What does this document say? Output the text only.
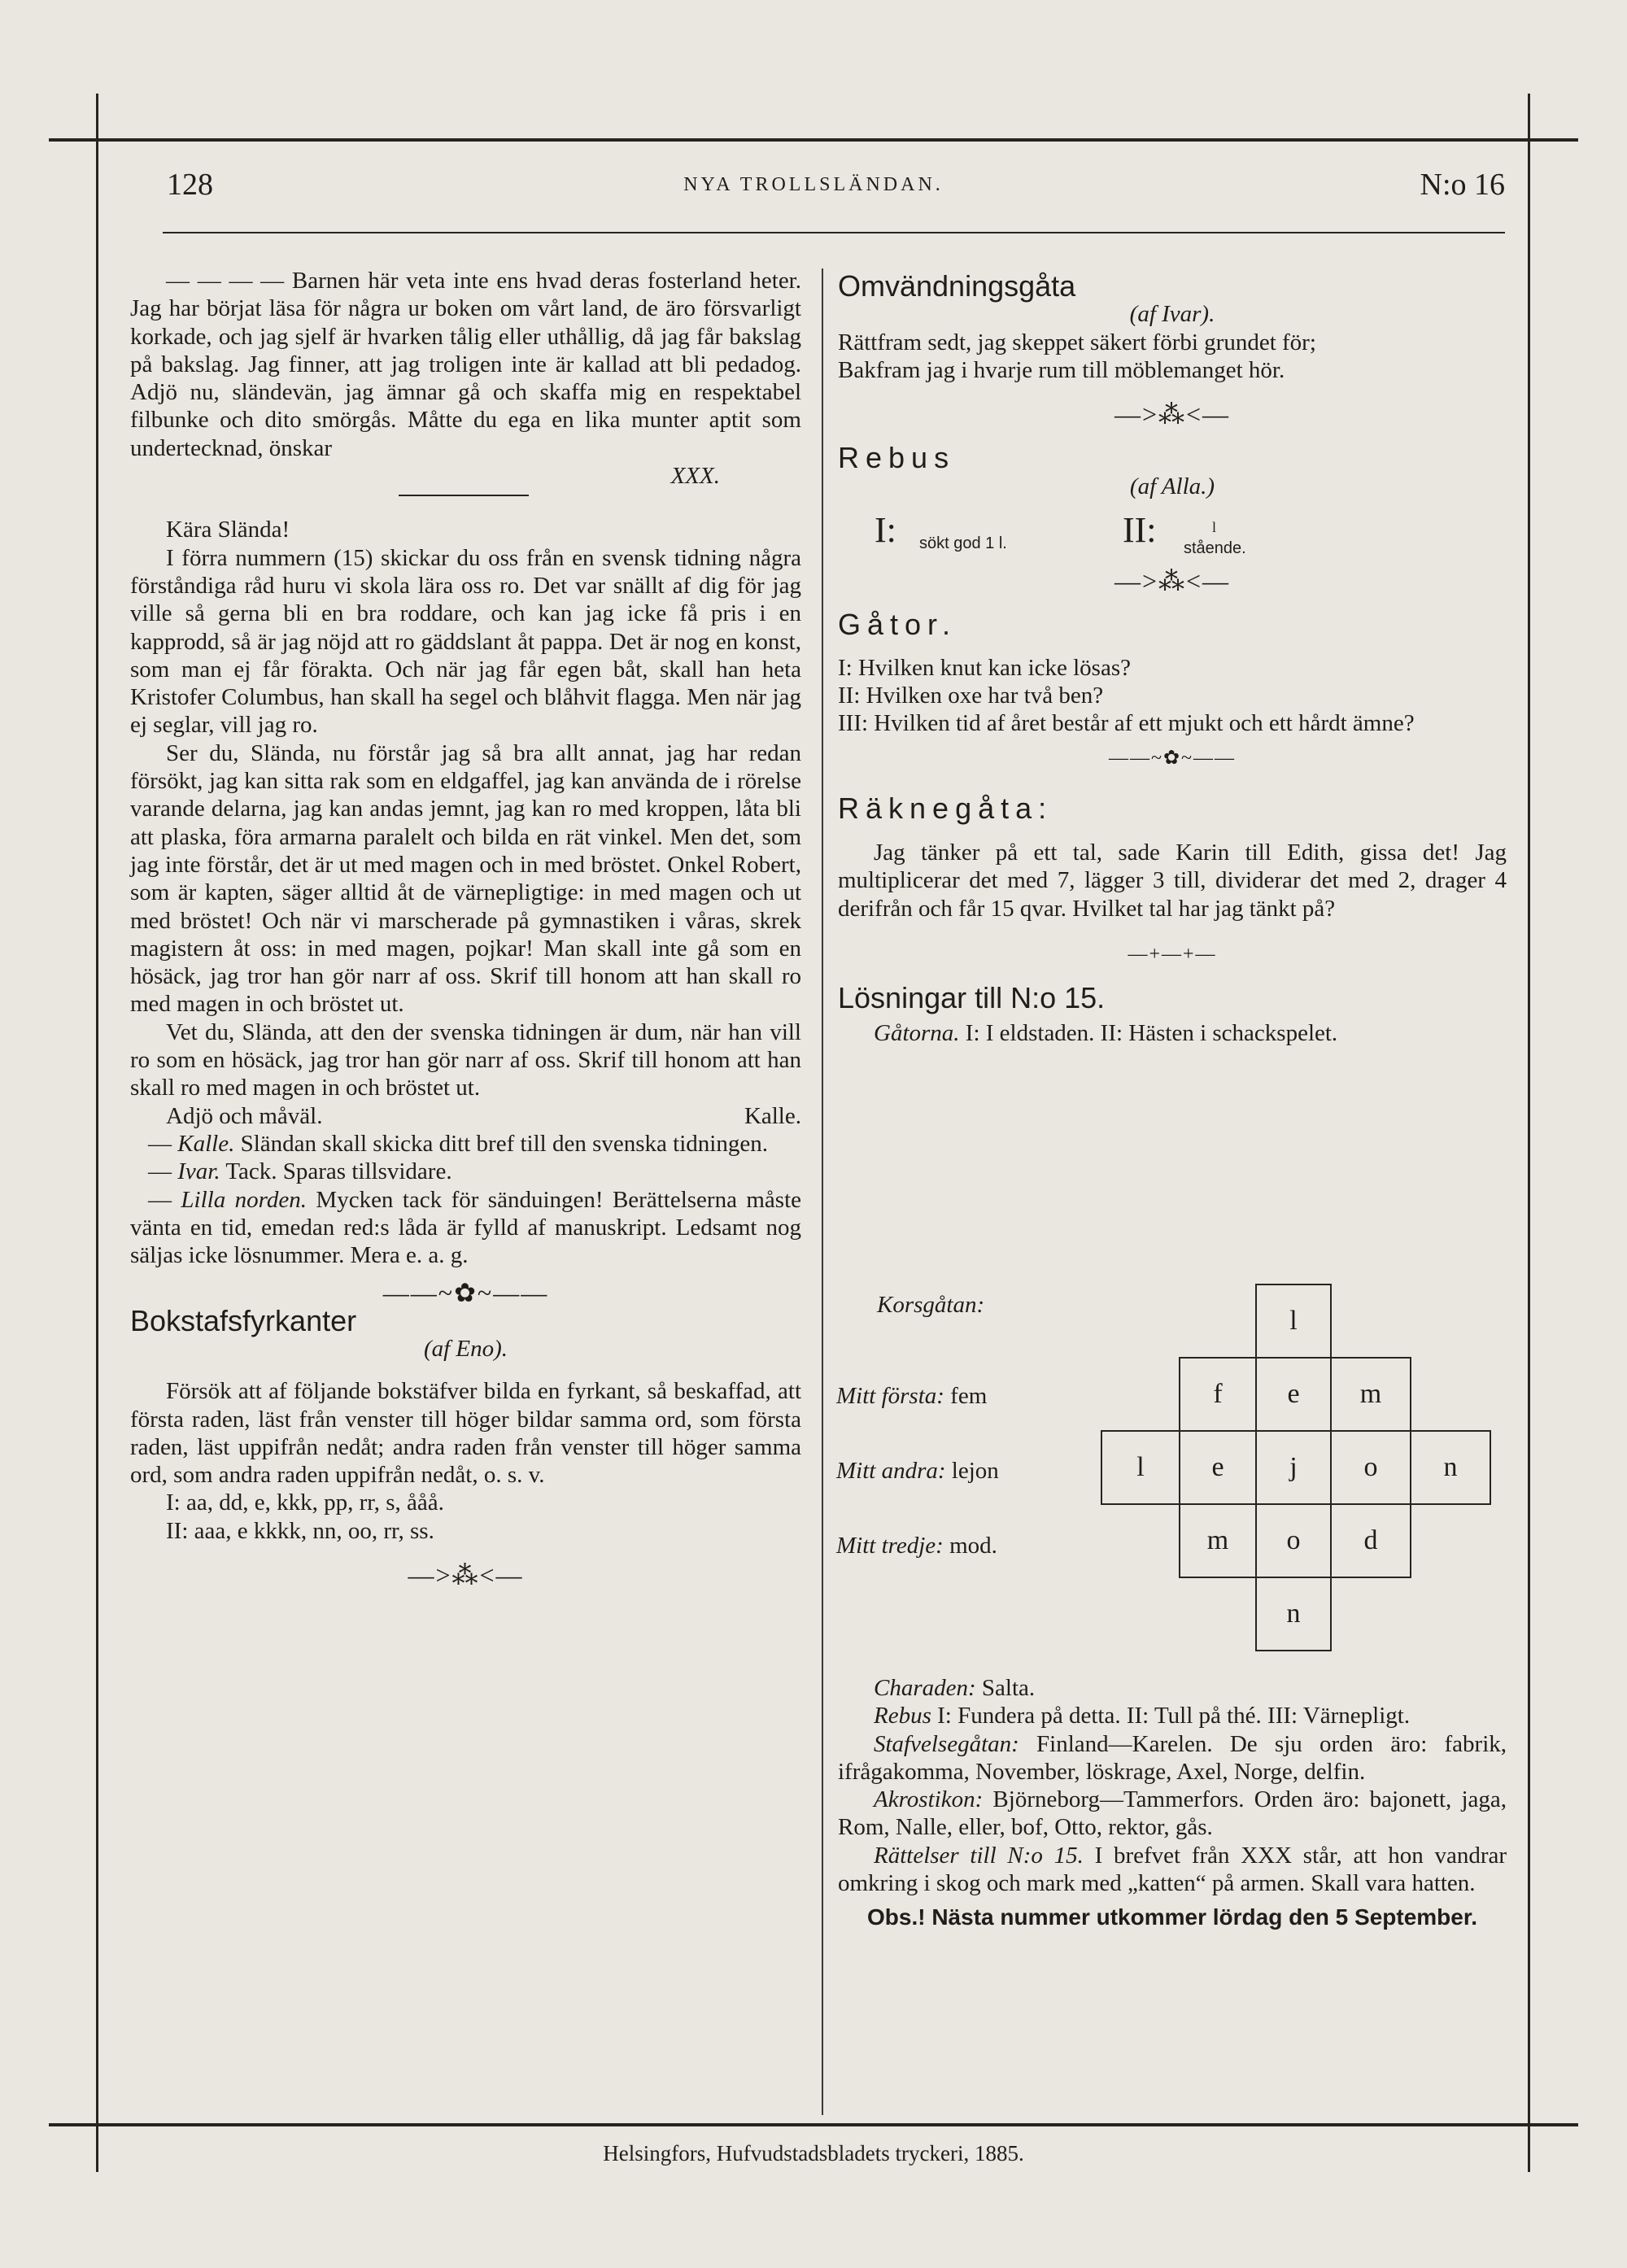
128	NYA TROLLSLÄNDAN.	N:o 16

— — — — Barnen här veta inte ens hvad deras fosterland heter. Jag har börjat läsa för några ur boken om vårt land, de äro försvarligt korkade, och jag sjelf är hvarken tålig eller uthållig, då jag får bakslag på bakslag. Jag finner, att jag troligen inte är kallad att bli pedadog. Adjö nu, sländevän, jag ämnar gå och skaffa mig en respektabel filbunke och dito smörgås. Måtte du ega en lika munter aptit som undertecknad, önskar

XXX.

Kära Slända!

I förra nummern (15) skickar du oss från en svensk tidning några förståndiga råd huru vi skola lära oss ro. Det var snällt af dig för jag ville så gerna bli en bra roddare, och kan jag icke få pris i en kapprodd, så är jag nöjd att ro gäddslant åt pappa. Det är nog en konst, som man ej får förakta. Och när jag får egen båt, skall han heta Kristofer Columbus, han skall ha segel och blåhvit flagga. Men när jag ej seglar, vill jag ro.

Ser du, Slända, nu förstår jag så bra allt annat, jag har redan försökt, jag kan sitta rak som en eldgaffel, jag kan använda de i rörelse varande delarna, jag kan andas jemnt, jag kan ro med kroppen, låta bli att plaska, föra armarna paralelt och bilda en rät vinkel. Men det, som jag inte förstår, det är ut med magen och in med bröstet. Onkel Robert, som är kapten, säger alltid åt de värnepligtige: in med magen och ut med bröstet! Och när vi marscherade på gymnastiken i våras, skrek magistern åt oss: in med magen, pojkar! Man skall inte gå som en hösäck, jag tror han gör narr af oss. Skrif till honom att han skall ro med magen in och bröstet ut.

Vet du, Slända, att den der svenska tidningen är dum, när han vill ro som en hösäck, jag tror han gör narr af oss. Skrif till honom att han skall ro med magen in och bröstet ut.

Adjö och måväl.	Kalle.

— Kalle. Sländan skall skicka ditt bref till den svenska tidningen.

— Ivar. Tack. Sparas tillsvidare.

— Lilla norden. Mycken tack för sänduingen! Berättelserna måste vänta en tid, emedan red:s låda är fylld af manuskript. Ledsamt nog säljas icke lösnummer. Mera e. a. g.

——~✿~——

Bokstafsfyrkanter

(af Eno).

Försök att af följande bokstäfver bilda en fyrkant, så beskaffad, att första raden, läst från venster till höger bildar samma ord, som första raden, läst uppifrån nedåt; andra raden från venster till höger samma ord, som andra raden uppifrån nedåt, o. s. v.

I: aa, dd, e, kkk, pp, rr, s, ååå.

II: aaa, e kkkk, nn, oo, rr, ss.

—>⁂<—

Omvändningsgåta

(af Ivar).

Rättfram sedt, jag skeppet säkert förbi grundet för;

Bakfram jag i hvarje rum till möblemanget hör.

—>⁂<—

Rebus

(af Alla.)

I: sökt god 1 l.	II:	l
stående.
—>⁂<—

Gåtor.

I: Hvilken knut kan icke lösas?

II: Hvilken oxe har två ben?

III: Hvilken tid af året består af ett mjukt och ett hårdt ämne?

——~✿~——

Räknegåta:

Jag tänker på ett tal, sade Karin till Edith, gissa det! Jag multiplicerar det med 7, lägger 3 till, dividerar det med 2, drager 4 derifrån och får 15 qvar. Hvilket tal har jag tänkt på?

—+—+—

Lösningar till N:o 15.

Gåtorna. I: I eldstaden. II: Hästen i schackspelet.

Korsgåtan:
Mitt första: fem
Mitt andra: lejon
Mitt tredje: mod.
l
f	e	m
l	e	j	o	n
m	o	d
n

Charaden: Salta.

Rebus I: Fundera på detta. II: Tull på thé. III: Värnepligt.

Stafvelsegåtan: Finland—Karelen. De sju orden äro: fabrik, ifrågakomma, November, löskrage, Axel, Norge, delfin.

Akrostikon: Björneborg—Tammerfors. Orden äro: bajonett, jaga, Rom, Nalle, eller, bof, Otto, rektor, gås.

Rättelser till N:o 15. I brefvet från XXX står, att hon vandrar omkring i skog och mark med „katten“ på armen. Skall vara hatten.

Obs.! Nästa nummer utkommer lördag den 5 September.

Helsingfors, Hufvudstadsbladets tryckeri, 1885.
